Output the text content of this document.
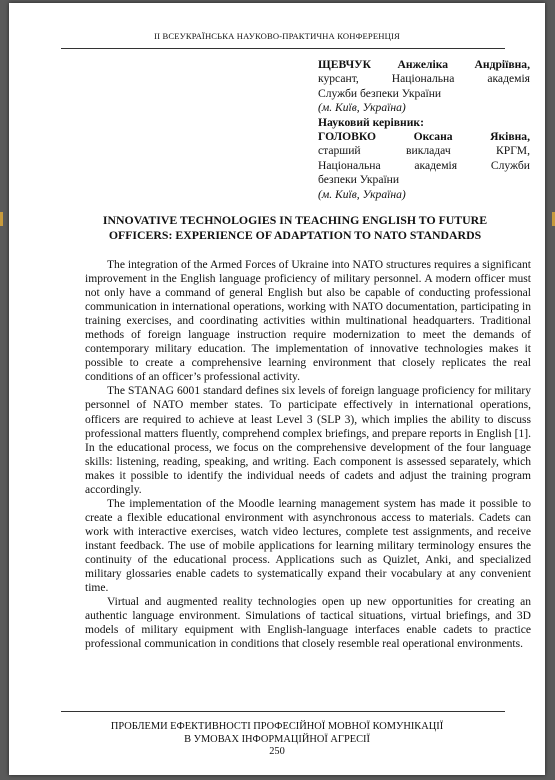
II ВСЕУКРАЇНСЬКА НАУКОВО-ПРАКТИЧНА КОНФЕРЕНЦІЯ
ЩЕВЧУК Анжеліка Андріївна,
курсант, Національна академія
Служби безпеки України
(м. Київ, Україна)
Науковий керівник:
ГОЛОВКО Оксана Яківна,
старший викладач КРГМ,
Національна академія Служби
безпеки України
(м. Київ, Україна)
INNOVATIVE TECHNOLOGIES IN TEACHING ENGLISH TO FUTURE
OFFICERS: EXPERIENCE OF ADAPTATION TO NATO STANDARDS

The integration of the Armed Forces of Ukraine into NATO structures requires a significant improvement in the English language proficiency of military personnel. A modern officer must not only have a command of general English but also be capable of conducting professional communication in international operations, working with NATO documentation, participating in training exercises, and coordinating activities within multinational headquarters. Traditional methods of foreign language instruction require modernization to meet the demands of contemporary military education. The implementation of innovative technologies makes it possible to create a comprehensive learning environment that closely replicates the real conditions of an officer’s professional activity.

The STANAG 6001 standard defines six levels of foreign language proficiency for military personnel of NATO member states. To participate effectively in international operations, officers are required to achieve at least Level 3 (SLP 3), which implies the ability to discuss professional matters fluently, comprehend complex briefings, and prepare reports in English [1]. In the educational process, we focus on the comprehensive development of the four language skills: listening, reading, speaking, and writing. Each component is assessed separately, which makes it possible to identify the individual needs of cadets and adjust the training program accordingly.

The implementation of the Moodle learning management system has made it possible to create a flexible educational environment with asynchronous access to materials. Cadets can work with interactive exercises, watch video lectures, complete test assignments, and receive instant feedback. The use of mobile applications for learning military terminology ensures the continuity of the educational process. Applications such as Quizlet, Anki, and specialized military glossaries enable cadets to systematically expand their vocabulary at any convenient time.

Virtual and augmented reality technologies open up new opportunities for creating an authentic language environment. Simulations of tactical situations, virtual briefings, and 3D models of military equipment with English-language interfaces enable cadets to practice professional communication in conditions that closely resemble real operational environments.

ПРОБЛЕМИ ЕФЕКТИВНОСТІ ПРОФЕСІЙНОЇ МОВНОЇ КОМУНІКАЦІЇ
В УМОВАХ ІНФОРМАЦІЙНОЇ АГРЕСІЇ
250
